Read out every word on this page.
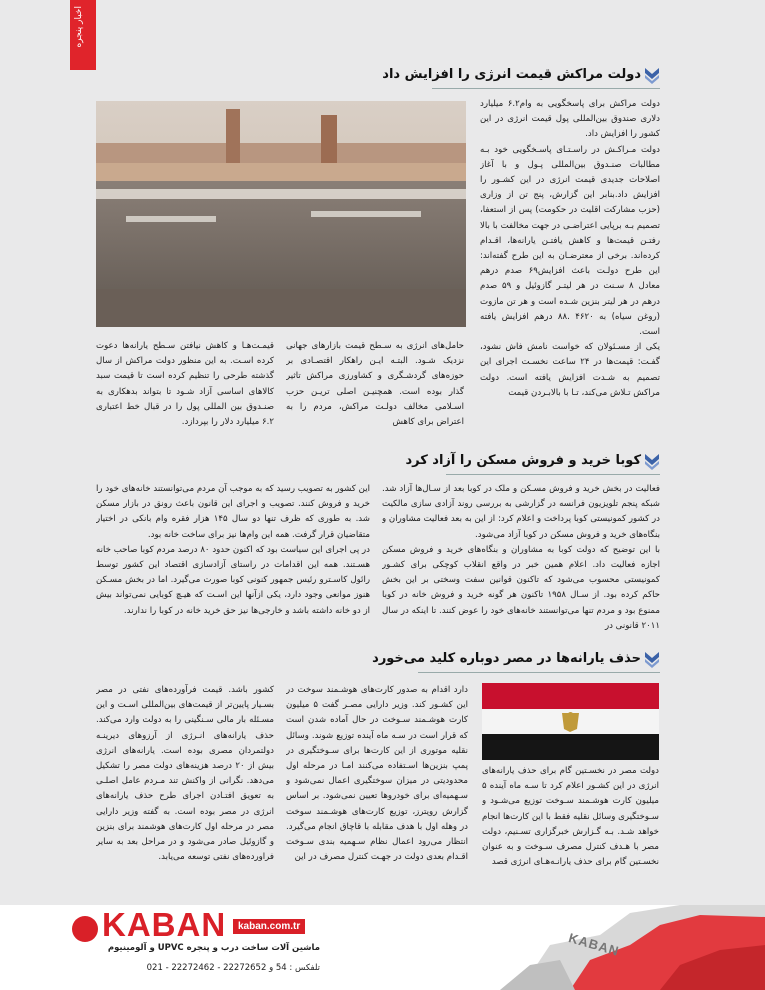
اخبار پنجره
دولت مراکش قیمت انرژی را افزایش داد

دولت مراکش برای پاسخگویی به وام۶.۲ میلیارد دلاری صندوق بین‌المللی پول قیمت انرژی در این کشور را افزایش داد.

دولت مـراکـش در راسـتـای پاسـخگویی خود بـه مطالبات صنـدوق بین‌المللی پـول و با آغاز اصلاحات جدیدی قیمت انرژی در این کشـور را افزایش داد.بنابر این گزارش، پنج تن از وزاری (حزب مشارکت اقلیت در حکومت) پس از استعفا، تصمیم بـه برپایی اعتراضـی در جهت مخالفت با بالا رفتـن قیمت‌ها و کاهش یافتـن یارانه‌ها، اقـدام کرده‌اند. برخی از معترضـان به این طرح گفته‌اند: این طرح دولـت باعث افزایش۶۹ صدم درهم معادل ۸ سـنت در هر لیتـر گازوئیل و ۵۹ صدم درهم در هر لیتر بنزین شـده است و هر تن مازوت (روغن سیاه) به ۴۶۲۰ .۸۸ درهم افزایش یافته است.

یکی از مسـئولان که خواست نامش فاش نشود، گفـت: قیمت‌ها در ۲۴ ساعت نخسـت اجرای این تصمیم به شـدت افزایش یافته است. دولت مراکش تـلاش می‌کند، تـا با بالابـردن قیمت

حامل‌های انرژی به سـطح قیمت بازارهای جهانی نزدیک شـود. البتـه ایـن راهکار اقتصـادی بر حوزه‌های گردشـگری و کشاورزی مراکش تاثیر گذار بوده است. همچنیـن اصلی تریـن حزب اسـلامی مخالف دولـت مراکش، مردم را به اعتراض برای کاهش

قیمـت‌هـا و کاهش نیافتن سـطح یارانه‌ها دعوت کرده اسـت. به این منظور دولت مراکش از سال گذشته طرحی را تنظیم کرده است تا قیمت سبد کالاهای اساسی آزاد شـود تا بتواند بدهکاری به صنـدوق بین المللی پول را در قبال خط اعتباری ۶.۲ میلیارد دلار را بپردازد.

کوبا خرید و فروش مسکن را آزاد کرد

فعالیت در بخش خرید و فروش مسـکن و ملک در کوبا بعد از سـال‌ها آزاد شد. شبکه پنجم تلویزیون فرانسه در گزارشی به بررسی روند آزادی سازی مالکیت در کشور کمونیستی کوبا پرداخت و اعلام کرد: از این به بعد فعالیت مشاوران و بنگاه‌های خرید و فروش مسکن در کوبا آزاد می‌شود.

با این توضیح که دولت کوبا به مشاوران و بنگاه‌های خرید و فروش مسکن اجازه فعالیت داد. اعلام همین خبر در واقع انقلاب کوچکی برای کشـور کمونیستی محسوب می‌شود که تاکنون قوانین سفت وسختی بر این بخش حاکم کرده بود. از سـال ۱۹۵۸ تاکنون هر گونه خرید و فروش خانه در کوبا ممنوع بود و مردم تنها می‌توانستند خانه‌های خود را عوض کنند. تا اینکه در سال ۲۰۱۱ قانونی در

این کشور به تصویب رسید که به موجب آن مردم می‌توانستند خانه‌های خود را خرید و فروش کنند. تصویب و اجرای این قانون باعث رونق در بازار مسکن شد. به طوری که ظرف تنها دو سال ۱۴۵ هزار فقره وام بانکی در اختیار متقاضیان قرار گرفت. همه این وام‌ها نیز برای ساخت خانه بود.

در پی اجرای این سیاست بود که اکنون حدود ۸۰ درصد مردم کوبا صاحب خانه هسـتند. همه این اقدامات در راستای آزادسازی اقتصاد این کشور توسط رائول کاسـترو رئیس جمهور کنونی کوبا صورت می‌گیرد. اما در بخش مسـکن هنوز موانعی وجود دارد، یکی ازآنها این اسـت که هیـچ کوبایی نمی‌تواند بیش از دو خانه داشته باشد و خارجی‌ها نیز حق خرید خانه در کوبا را ندارند.

حذف یارانه‌ها در مصر دوباره کلید می‌خورد

دولت مصر در نخسـتین گام برای حذف یارانه‌های انرژی در این کشـور اعلام کرد تا سـه ماه آینده ۵ میلیون کارت هوشـمند سـوخت توزیع می‌شـود و سـوختگیری وسائل نقلیه فقط با این کارت‌ها انجام خواهد شـد. بـه گـزارش خبرگزاری تسـنیم، دولت مصر با هـدف کنترل مصرف سـوخت و به عنوان نخسـتین گام برای حذف یارانـه‌هـای انرژی قصد

دارد اقدام به صدور کارت‌های هوشـمند سوخت در این کشـور کند. وزیر دارایی مصـر گفت ۵ میلیون کارت هوشـمند سـوخت در حال آماده شدن است که قرار است در سـه ماه آینده توزیع شوند. وسائل نقلیه موتوری از این کارت‌ها برای سـوختگیری در پمپ بنزین‌ها اسـتفاده می‌کنند امـا در مرحله اول محدودیتی در میزان سوختگیری اعمال نمی‌شود و سـهمیه‌ای برای خودروها تعیین نمی‌شود. بر اساس گزارش رویترز، توزیع کارت‌های هوشـمند سوخت در وهله اول با هدف مقابله با قاچاق انجام می‌گیرد. انتظار می‌رود اعمال نظام سـهمیه بندی سـوخت اقـدام بعدی دولت در جهـت کنترل مصرف در این

کشور باشد. قیمت فرآورده‌های نفتی در مصر بسـیار پایین‌تر از قیمت‌های بین‌المللی اسـت و این مسـئله بار مالی سـنگینی را به دولت وارد می‌کند. حذف یارانه‌های انـرژی از آرزوهای دیرینـه دولتمردان مصری بوده است. یارانه‌های انرژی بیش از ۲۰ درصد هزینه‌های دولت مصر را تشکیل می‌دهد. نگرانی از واکنش تند مـردم عامل اصلـی به تعویق افتـادن اجرای طرح حذف یارانه‌های انرژی در مصر بوده است. به گفته وزیر دارایی مصر در مرحله اول کارت‌های هوشمند برای بنزین و گازوئیل صادر می‌شود و در مراحل بعد به سایر فراورده‌های نفتی توسعه می‌یابد.

KABAN	kaban.com.tr
ماشین آلات ساخت درب و پنجره UPVC و آلومینیوم
تلفکس : 54 و 22272652 - 22272462 - 021
KABAN
